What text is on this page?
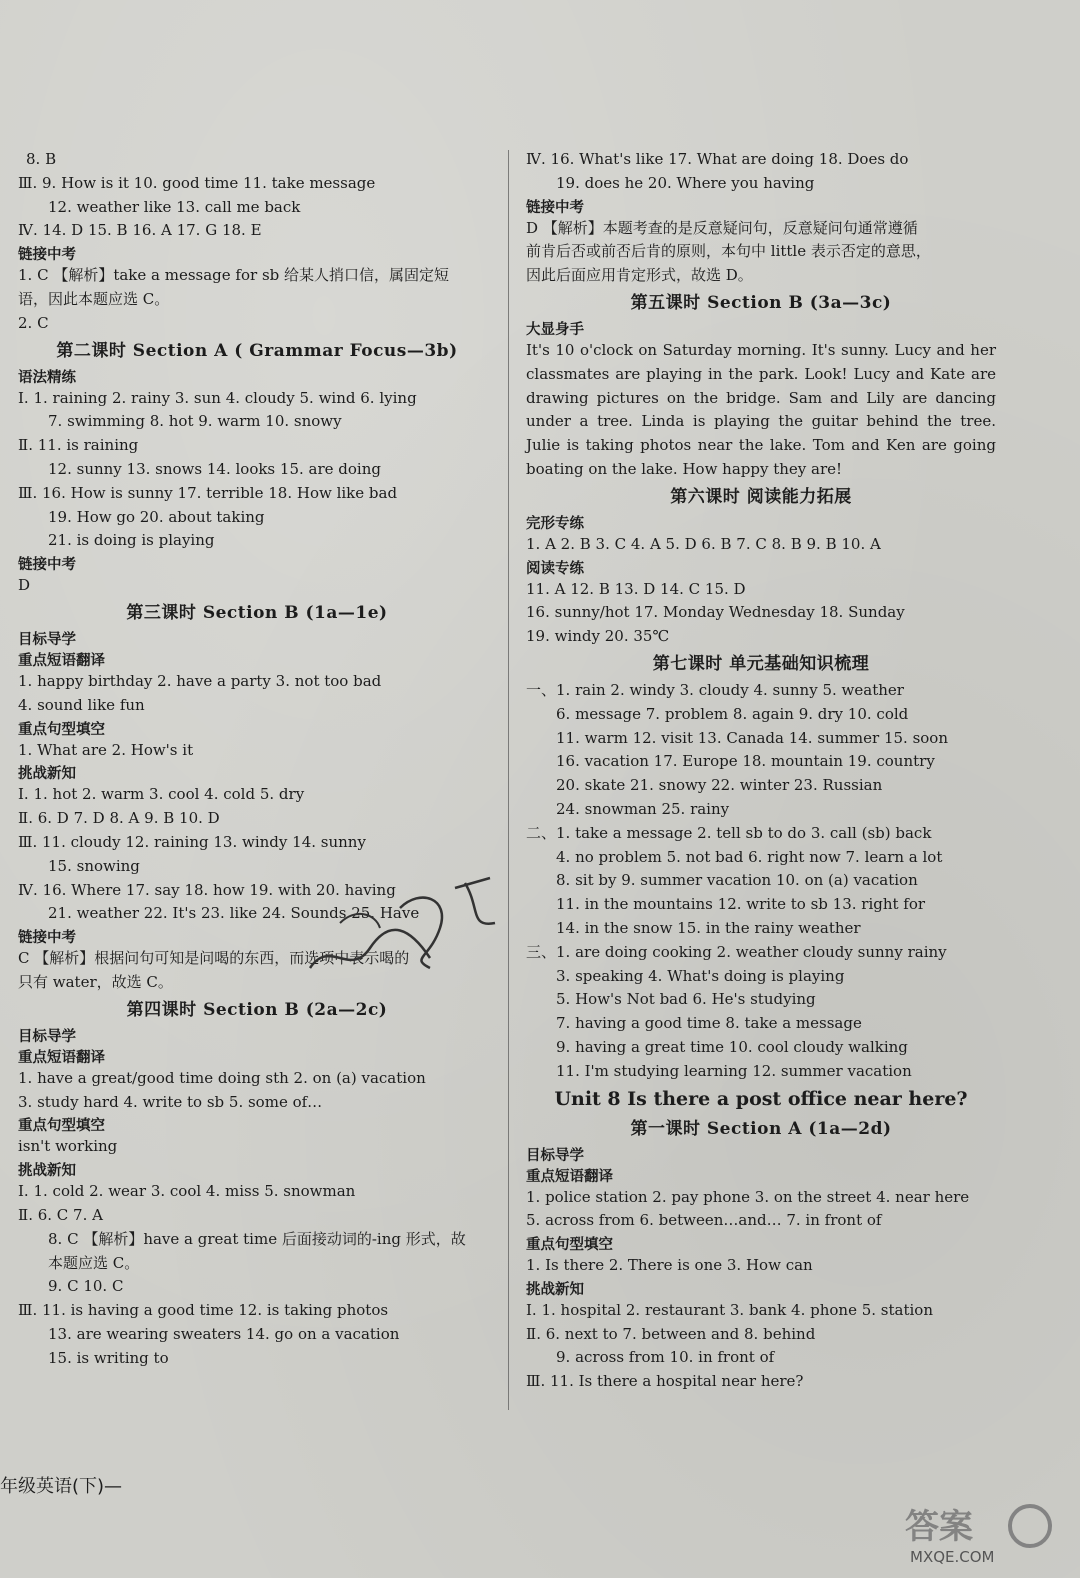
8. B
Ⅲ. 9. How is it 10. good time 11. take message
12. weather like 13. call me back
Ⅳ. 14. D 15. B 16. A 17. G 18. E
链接中考
1. C 【解析】take a message for sb 给某人捎口信，属固定短
语，因此本题应选 C。
2. C
第二课时 Section A ( Grammar Focus—3b)
语法精练
Ⅰ. 1. raining 2. rainy 3. sun 4. cloudy 5. wind 6. lying
7. swimming 8. hot 9. warm 10. snowy
Ⅱ. 11. is raining
12. sunny 13. snows 14. looks 15. are doing
Ⅲ. 16. How is sunny 17. terrible 18. How like bad
19. How go 20. about taking
21. is doing is playing
链接中考
D
第三课时 Section B (1a—1e)
目标导学
重点短语翻译
1. happy birthday 2. have a party 3. not too bad
4. sound like fun
重点句型填空
1. What are 2. How's it
挑战新知
Ⅰ. 1. hot 2. warm 3. cool 4. cold 5. dry
Ⅱ. 6. D 7. D 8. A 9. B 10. D
Ⅲ. 11. cloudy 12. raining 13. windy 14. sunny
15. snowing
Ⅳ. 16. Where 17. say 18. how 19. with 20. having
21. weather 22. It's 23. like 24. Sounds 25. Have
链接中考
C 【解析】根据问句可知是问喝的东西，而选项中表示喝的
只有 water，故选 C。
第四课时 Section B (2a—2c)
目标导学
重点短语翻译
1. have a great/good time doing sth 2. on (a) vacation
3. study hard 4. write to sb 5. some of…
重点句型填空
isn't working
挑战新知
Ⅰ. 1. cold 2. wear 3. cool 4. miss 5. snowman
Ⅱ. 6. C 7. A
8. C 【解析】have a great time 后面接动词的-ing 形式，故
本题应选 C。
9. C 10. C
Ⅲ. 11. is having a good time 12. is taking photos
13. are wearing sweaters 14. go on a vacation
15. is writing to
Ⅳ. 16. What's like 17. What are doing 18. Does do
19. does he 20. Where you having
链接中考
D 【解析】本题考查的是反意疑问句，反意疑问句通常遵循
前肯后否或前否后肯的原则，本句中 little 表示否定的意思，
因此后面应用肯定形式，故选 D。
第五课时 Section B (3a—3c)
大显身手
It's 10 o'clock on Saturday morning. It's sunny. Lucy and her classmates are playing in the park. Look! Lucy and Kate are drawing pictures on the bridge. Sam and Lily are dancing under a tree. Linda is playing the guitar behind the tree. Julie is taking photos near the lake. Tom and Ken are going boating on the lake. How happy they are!
第六课时 阅读能力拓展
完形专练
1. A 2. B 3. C 4. A 5. D 6. B 7. C 8. B 9. B 10. A
阅读专练
11. A 12. B 13. D 14. C 15. D
16. sunny/hot 17. Monday Wednesday 18. Sunday
19. windy 20. 35℃
第七课时 单元基础知识梳理
一、1. rain 2. windy 3. cloudy 4. sunny 5. weather
6. message 7. problem 8. again 9. dry 10. cold
11. warm 12. visit 13. Canada 14. summer 15. soon
16. vacation 17. Europe 18. mountain 19. country
20. skate 21. snowy 22. winter 23. Russian
24. snowman 25. rainy
二、1. take a message 2. tell sb to do 3. call (sb) back
4. no problem 5. not bad 6. right now 7. learn a lot
8. sit by 9. summer vacation 10. on (a) vacation
11. in the mountains 12. write to sb 13. right for
14. in the snow 15. in the rainy weather
三、1. are doing cooking 2. weather cloudy sunny rainy
3. speaking 4. What's doing is playing
5. How's Not bad 6. He's studying
7. having a good time 8. take a message
9. having a great time 10. cool cloudy walking
11. I'm studying learning 12. summer vacation
Unit 8 Is there a post office near here?
第一课时 Section A (1a—2d)
目标导学
重点短语翻译
1. police station 2. pay phone 3. on the street 4. near here
5. across from 6. between…and… 7. in front of
重点句型填空
1. Is there 2. There is one 3. How can
挑战新知
Ⅰ. 1. hospital 2. restaurant 3. bank 4. phone 5. station
Ⅱ. 6. next to 7. between and 8. behind
9. across from 10. in front of
Ⅲ. 11. Is there a hospital near here?
年级英语(下)—
答案
MXQE.COM
